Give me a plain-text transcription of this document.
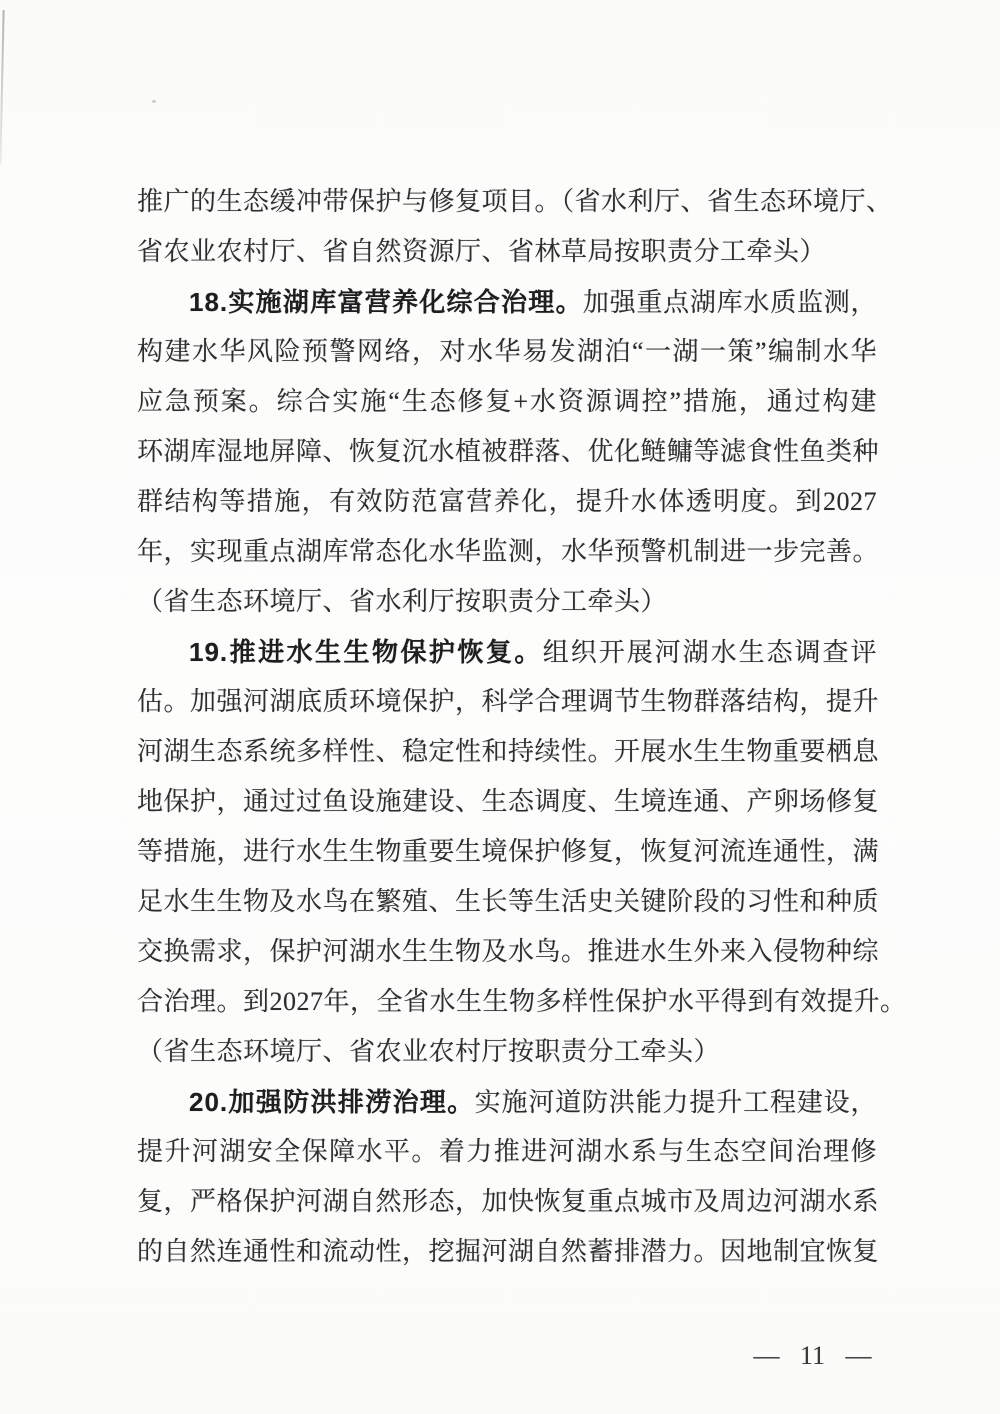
推广的生态缓冲带保护与修复项目。（省水利厅、省生态环境厅、
省农业农村厅、省自然资源厅、省林草局按职责分工牵头）
18.实施湖库富营养化综合治理。加强重点湖库水质监测，
构建水华风险预警网络，对水华易发湖泊“一湖一策”编制水华
应急预案。综合实施“生态修复+水资源调控”措施，通过构建
环湖库湿地屏障、恢复沉水植被群落、优化鲢鳙等滤食性鱼类种
群结构等措施，有效防范富营养化，提升水体透明度。到2027
年，实现重点湖库常态化水华监测，水华预警机制进一步完善。
（省生态环境厅、省水利厅按职责分工牵头）
19.推进水生生物保护恢复。组织开展河湖水生态调查评
估。加强河湖底质环境保护，科学合理调节生物群落结构，提升
河湖生态系统多样性、稳定性和持续性。开展水生生物重要栖息
地保护，通过过鱼设施建设、生态调度、生境连通、产卵场修复
等措施，进行水生生物重要生境保护修复，恢复河流连通性，满
足水生生物及水鸟在繁殖、生长等生活史关键阶段的习性和种质
交换需求，保护河湖水生生物及水鸟。推进水生外来入侵物种综
合治理。到2027年，全省水生生物多样性保护水平得到有效提升。
（省生态环境厅、省农业农村厅按职责分工牵头）
20.加强防洪排涝治理。实施河道防洪能力提升工程建设，
提升河湖安全保障水平。着力推进河湖水系与生态空间治理修
复，严格保护河湖自然形态，加快恢复重点城市及周边河湖水系
的自然连通性和流动性，挖掘河湖自然蓄排潜力。因地制宜恢复
— 11 —
